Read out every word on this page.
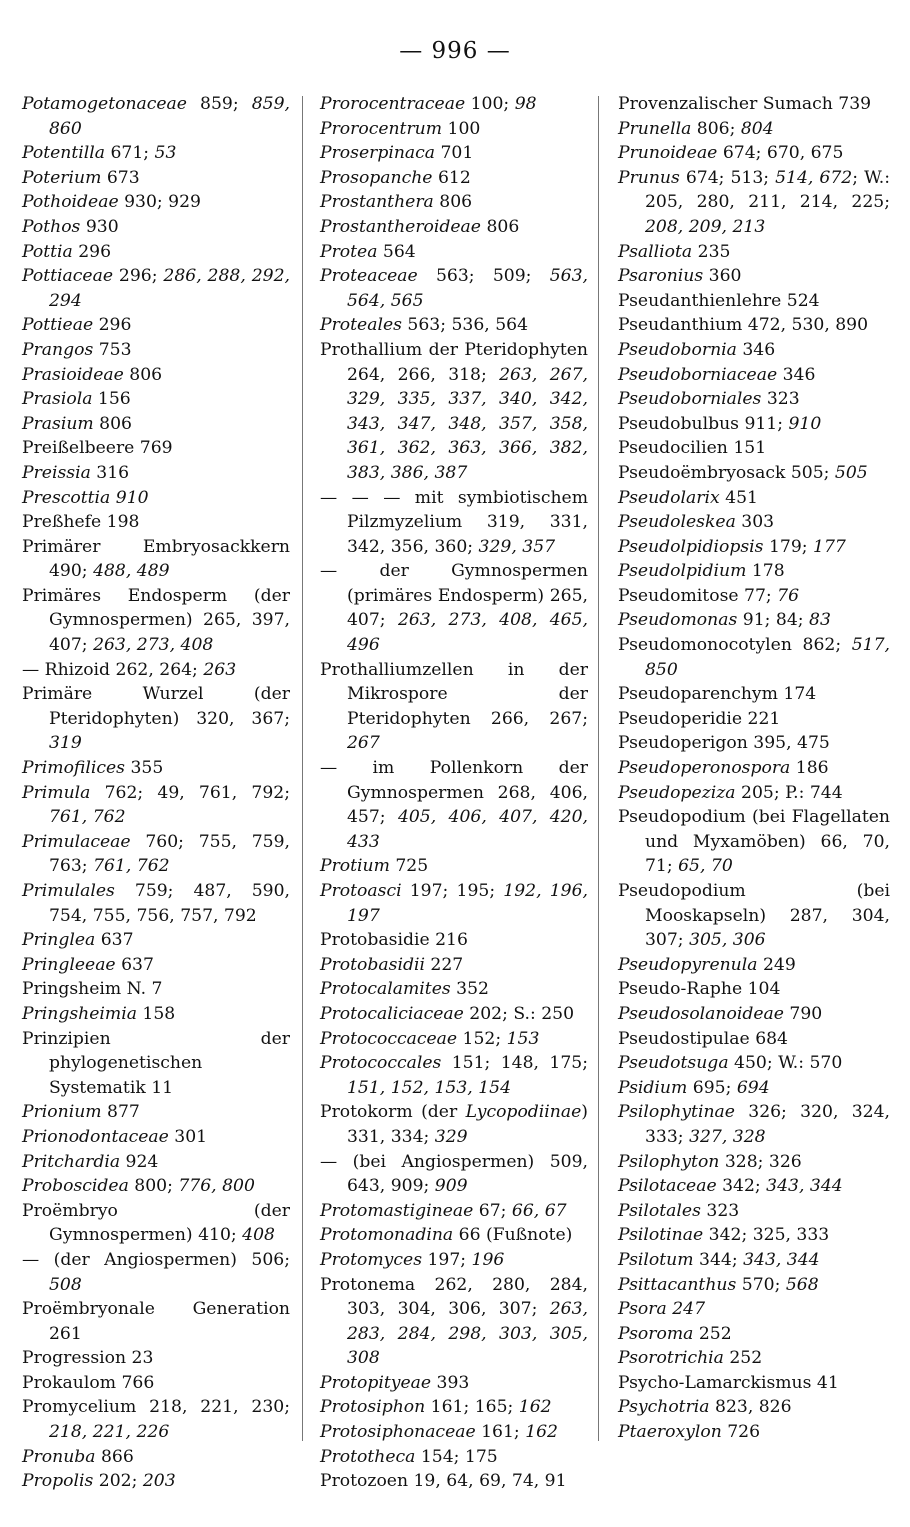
— 996 —
Potamogetonaceae 859; 859, 860
Potentilla 671; 53
Poterium 673
Pothoideae 930; 929
Pothos 930
Pottia 296
Pottiaceae 296; 286, 288, 292, 294
Pottieae 296
Prangos 753
Prasioideae 806
Prasiola 156
Prasium 806
Preißelbeere 769
Preissia 316
Prescottia 910
Preßhefe 198
Primärer Embryosackkern 490; 488, 489
Primäres Endosperm (der Gymnospermen) 265, 397, 407; 263, 273, 408
— Rhizoid 262, 264; 263
Primäre Wurzel (der Pteridophyten) 320, 367; 319
Primofilices 355
Primula 762; 49, 761, 792; 761, 762
Primulaceae 760; 755, 759, 763; 761, 762
Primulales 759; 487, 590, 754, 755, 756, 757, 792
Pringlea 637
Pringleeae 637
Pringsheim N. 7
Pringsheimia 158
Prinzipien der phylogenetischen Systematik 11
Prionium 877
Prionodontaceae 301
Pritchardia 924
Proboscidea 800; 776, 800
Proëmbryo (der Gymnospermen) 410; 408
— (der Angiospermen) 506; 508
Proëmbryonale Generation 261
Progression 23
Prokaulom 766
Promycelium 218, 221, 230; 218, 221, 226
Pronuba 866
Propolis 202; 203
Prorocentraceae 100; 98
Prorocentrum 100
Proserpinaca 701
Prosopanche 612
Prostanthera 806
Prostantheroideae 806
Protea 564
Proteaceae 563; 509; 563, 564, 565
Proteales 563; 536, 564
Prothallium der Pteridophyten 264, 266, 318; 263, 267, 329, 335, 337, 340, 342, 343, 347, 348, 357, 358, 361, 362, 363, 366, 382, 383, 386, 387
— — — mit symbiotischem Pilzmyzelium 319, 331, 342, 356, 360; 329, 357
— der Gymnospermen (primäres Endosperm) 265, 407; 263, 273, 408, 465, 496
Prothalliumzellen in der Mikrospore der Pteridophyten 266, 267; 267
— im Pollenkorn der Gymnospermen 268, 406, 457; 405, 406, 407, 420, 433
Protium 725
Protoasci 197; 195; 192, 196, 197
Protobasidie 216
Protobasidii 227
Protocalamites 352
Protocaliciaceae 202; S.: 250
Protococcaceae 152; 153
Protococcales 151; 148, 175; 151, 152, 153, 154
Protokorm (der Lycopodiinae) 331, 334; 329
— (bei Angiospermen) 509, 643, 909; 909
Protomastigineae 67; 66, 67
Protomonadina 66 (Fußnote)
Protomyces 197; 196
Protonema 262, 280, 284, 303, 304, 306, 307; 263, 283, 284, 298, 303, 305, 308
Protopityeae 393
Protosiphon 161; 165; 162
Protosiphonaceae 161; 162
Prototheca 154; 175
Protozoen 19, 64, 69, 74, 91
Provenzalischer Sumach 739
Prunella 806; 804
Prunoideae 674; 670, 675
Prunus 674; 513; 514, 672; W.: 205, 280, 211, 214, 225; 208, 209, 213
Psalliota 235
Psaronius 360
Pseudanthienlehre 524
Pseudanthium 472, 530, 890
Pseudobornia 346
Pseudoborniaceae 346
Pseudoborniales 323
Pseudobulbus 911; 910
Pseudocilien 151
Pseudoëmbryosack 505; 505
Pseudolarix 451
Pseudoleskea 303
Pseudolpidiopsis 179; 177
Pseudolpidium 178
Pseudomitose 77; 76
Pseudomonas 91; 84; 83
Pseudomonocotylen 862; 517, 850
Pseudoparenchym 174
Pseudoperidie 221
Pseudoperigon 395, 475
Pseudoperonospora 186
Pseudopeziza 205; P.: 744
Pseudopodium (bei Flagellaten und Myxamöben) 66, 70, 71; 65, 70
Pseudopodium (bei Mooskapseln) 287, 304, 307; 305, 306
Pseudopyrenula 249
Pseudo-Raphe 104
Pseudosolanoideae 790
Pseudostipulae 684
Pseudotsuga 450; W.: 570
Psidium 695; 694
Psilophytinae 326; 320, 324, 333; 327, 328
Psilophyton 328; 326
Psilotaceae 342; 343, 344
Psilotales 323
Psilotinae 342; 325, 333
Psilotum 344; 343, 344
Psittacanthus 570; 568
Psora 247
Psoroma 252
Psorotrichia 252
Psycho-Lamarckismus 41
Psychotria 823, 826
Ptaeroxylon 726
